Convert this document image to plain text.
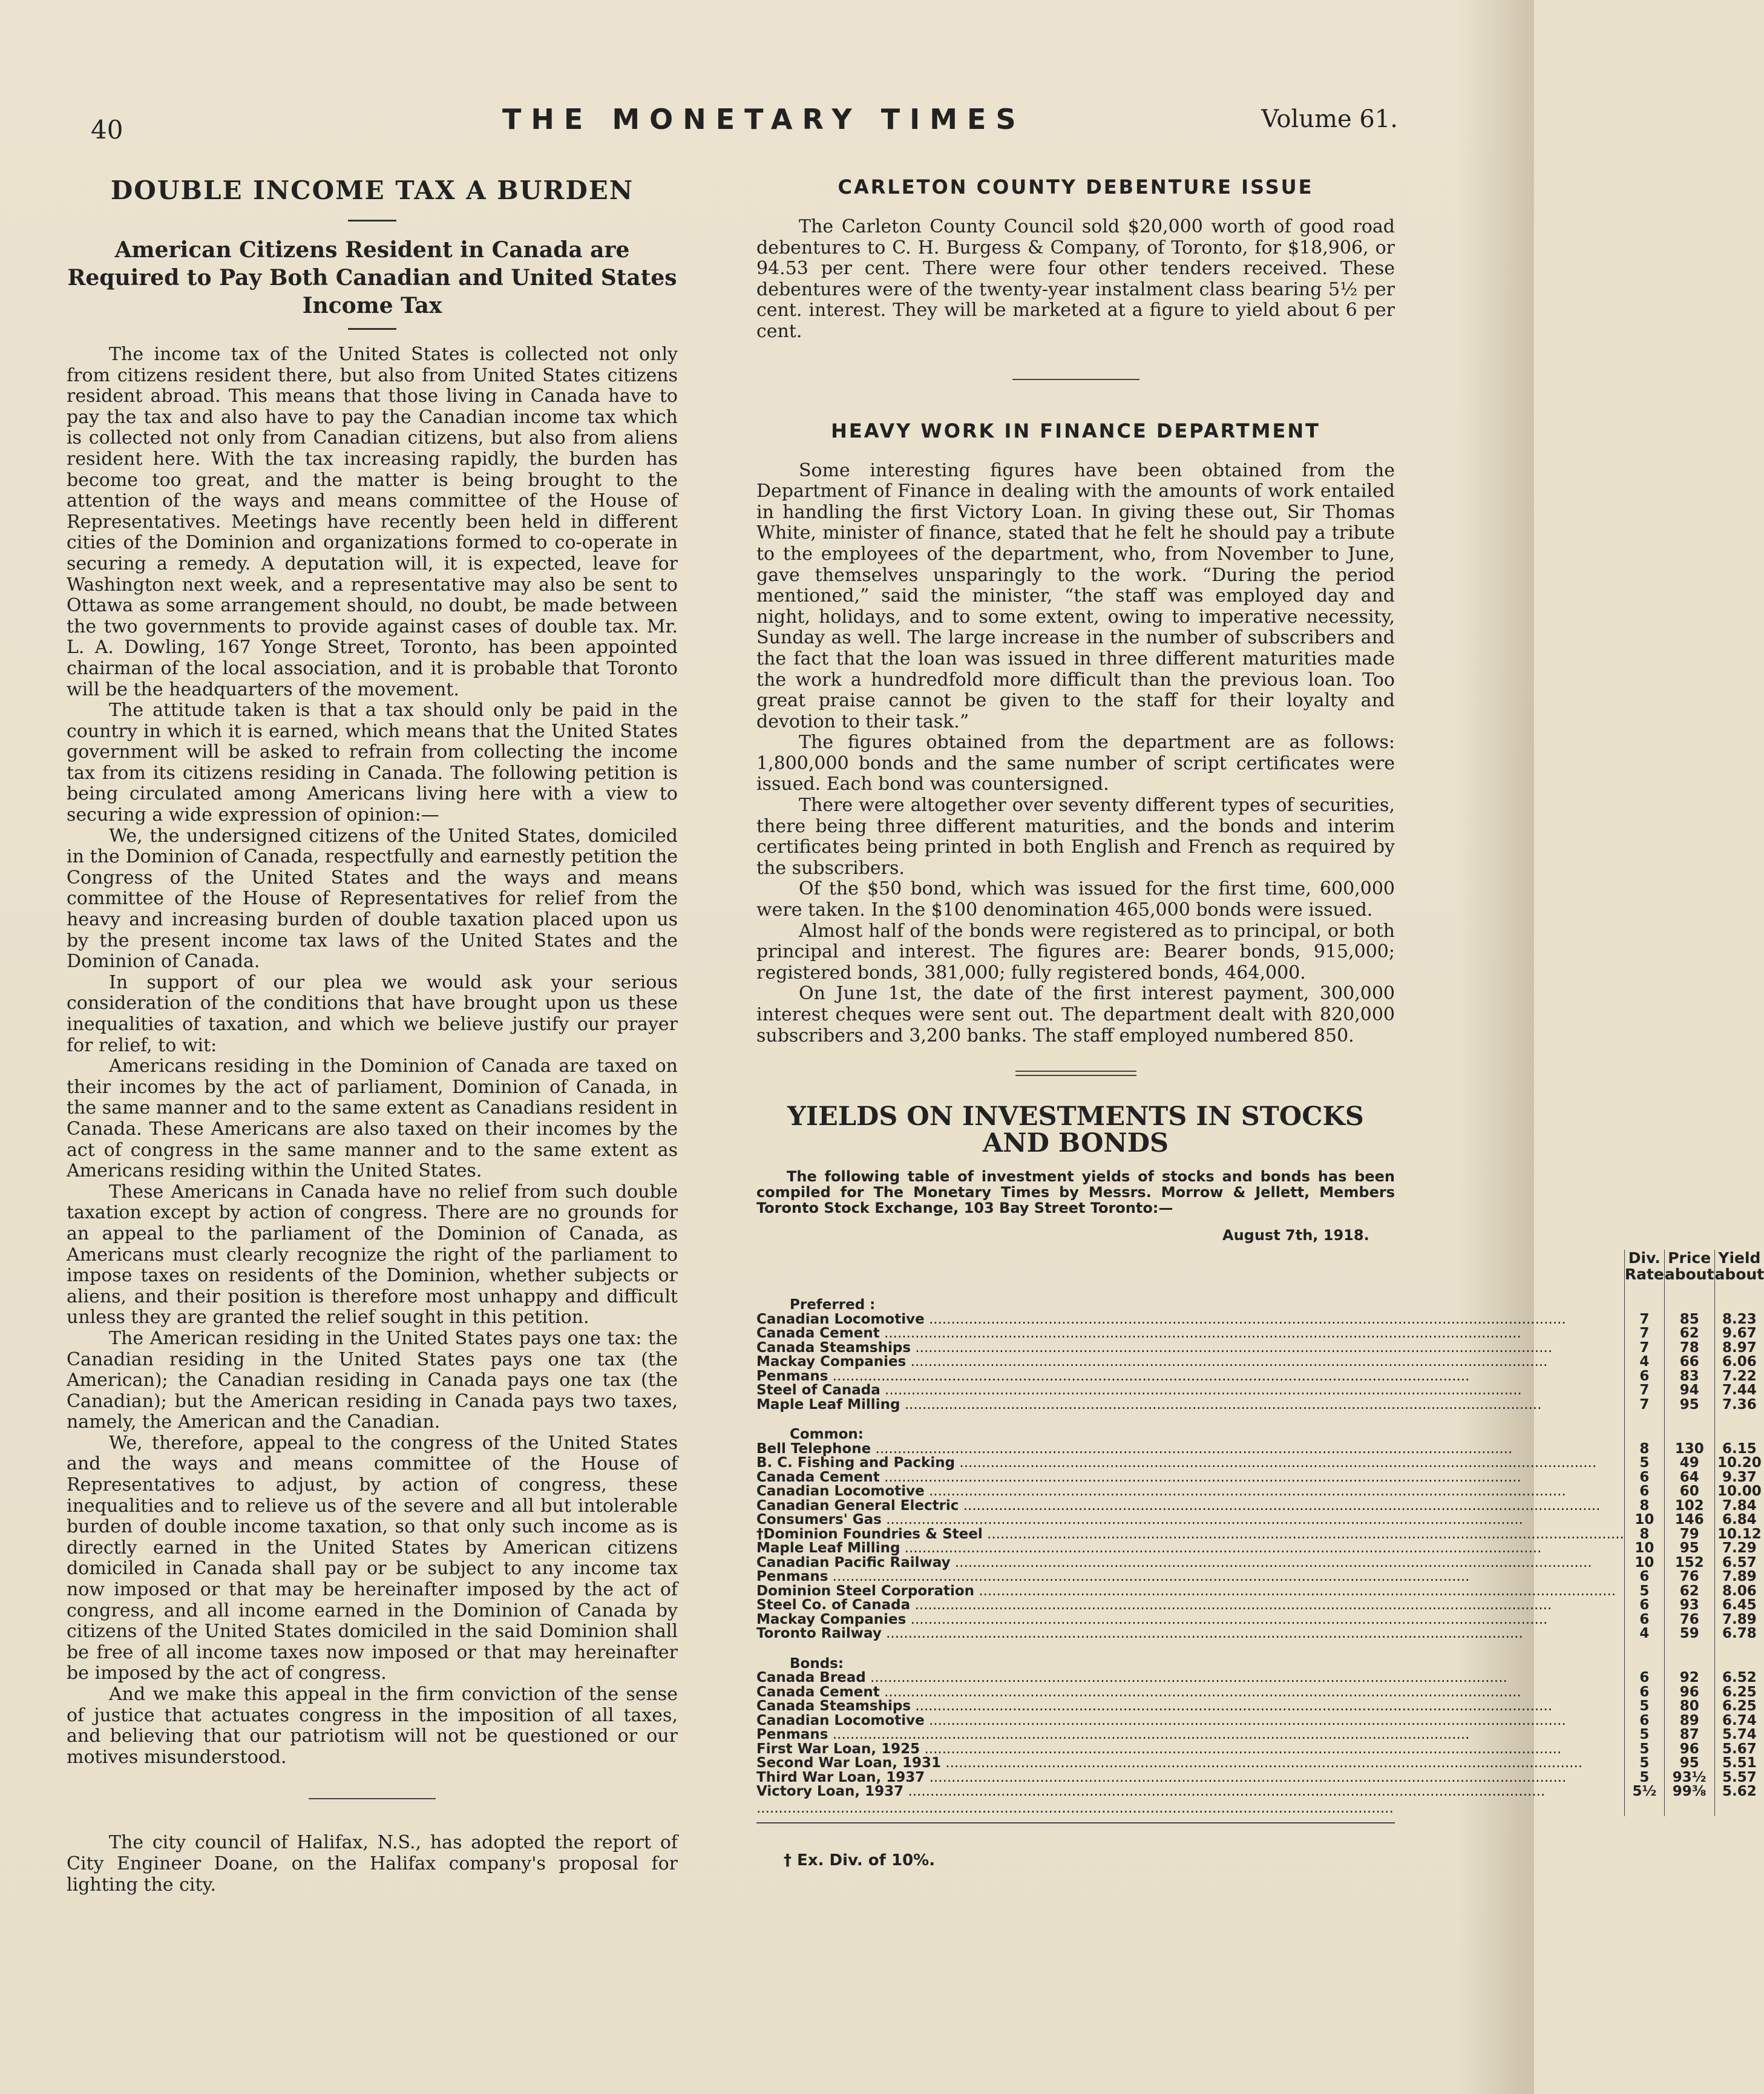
40	THE MONETARY TIMES	Volume 61.
DOUBLE INCOME TAX A BURDEN
American Citizens Resident in Canada are Required to Pay Both Canadian and United States Income Tax

The income tax of the United States is collected not only from citizens resident there, but also from United States citizens resident abroad. This means that those living in Canada have to pay the tax and also have to pay the Canadian income tax which is collected not only from Canadian citizens, but also from aliens resident here. With the tax increasing rapidly, the burden has become too great, and the matter is being brought to the attention of the ways and means committee of the House of Representatives. Meetings have recently been held in different cities of the Dominion and organizations formed to co-operate in securing a remedy. A deputation will, it is expected, leave for Washington next week, and a representative may also be sent to Ottawa as some arrangement should, no doubt, be made between the two governments to provide against cases of double tax. Mr. L. A. Dowling, 167 Yonge Street, Toronto, has been appointed chairman of the local association, and it is probable that Toronto will be the headquarters of the movement.

The attitude taken is that a tax should only be paid in the country in which it is earned, which means that the United States government will be asked to refrain from collecting the income tax from its citizens residing in Canada. The following petition is being circulated among Americans living here with a view to securing a wide expression of opinion:—

We, the undersigned citizens of the United States, domiciled in the Dominion of Canada, respectfully and earnestly petition the Congress of the United States and the ways and means committee of the House of Representatives for relief from the heavy and increasing burden of double taxation placed upon us by the present income tax laws of the United States and the Dominion of Canada.

In support of our plea we would ask your serious consideration of the conditions that have brought upon us these inequalities of taxation, and which we believe justify our prayer for relief, to wit:

Americans residing in the Dominion of Canada are taxed on their incomes by the act of parliament, Dominion of Canada, in the same manner and to the same extent as Canadians resident in Canada. These Americans are also taxed on their incomes by the act of congress in the same manner and to the same extent as Americans residing within the United States.

These Americans in Canada have no relief from such double taxation except by action of congress. There are no grounds for an appeal to the parliament of the Dominion of Canada, as Americans must clearly recognize the right of the parliament to impose taxes on residents of the Dominion, whether subjects or aliens, and their position is therefore most unhappy and difficult unless they are granted the relief sought in this petition.

The American residing in the United States pays one tax: the Canadian residing in the United States pays one tax (the American); the Canadian residing in Canada pays one tax (the Canadian); but the American residing in Canada pays two taxes, namely, the American and the Canadian.

We, therefore, appeal to the congress of the United States and the ways and means committee of the House of Representatives to adjust, by action of congress, these inequalities and to relieve us of the severe and all but intolerable burden of double income taxation, so that only such income as is directly earned in the United States by American citizens domiciled in Canada shall pay or be subject to any income tax now imposed or that may be hereinafter imposed by the act of congress, and all income earned in the Dominion of Canada by citizens of the United States domiciled in the said Dominion shall be free of all income taxes now imposed or that may hereinafter be imposed by the act of congress.

And we make this appeal in the firm conviction of the sense of justice that actuates congress in the imposition of all taxes, and believing that our patriotism will not be questioned or our motives misunderstood.

The city council of Halifax, N.S., has adopted the report of City Engineer Doane, on the Halifax company's proposal for lighting the city.

CARLETON COUNTY DEBENTURE ISSUE

The Carleton County Council sold $20,000 worth of good road debentures to C. H. Burgess & Company, of Toronto, for $18,906, or 94.53 per cent. There were four other tenders received. These debentures were of the twenty-year instalment class bearing 5½ per cent. interest. They will be marketed at a figure to yield about 6 per cent.

HEAVY WORK IN FINANCE DEPARTMENT

Some interesting figures have been obtained from the Department of Finance in dealing with the amounts of work entailed in handling the first Victory Loan. In giving these out, Sir Thomas White, minister of finance, stated that he felt he should pay a tribute to the employees of the department, who, from November to June, gave themselves unsparingly to the work. “During the period mentioned,” said the minister, “the staff was employed day and night, holidays, and to some extent, owing to imperative necessity, Sunday as well. The large increase in the number of subscribers and the fact that the loan was issued in three different maturities made the work a hundredfold more difficult than the previous loan. Too great praise cannot be given to the staff for their loyalty and devotion to their task.”

The figures obtained from the department are as follows: 1,800,000 bonds and the same number of script certificates were issued. Each bond was countersigned.

There were altogether over seventy different types of securities, there being three different maturities, and the bonds and interim certificates being printed in both English and French as required by the subscribers.

Of the $50 bond, which was issued for the first time, 600,000 were taken. In the $100 denomination 465,000 bonds were issued.

Almost half of the bonds were registered as to principal, or both principal and interest. The figures are: Bearer bonds, 915,000; registered bonds, 381,000; fully registered bonds, 464,000.

On June 1st, the date of the first interest payment, 300,000 interest cheques were sent out. The department dealt with 820,000 subscribers and 3,200 banks. The staff employed numbered 850.

YIELDS ON INVESTMENTS IN STOCKS AND BONDS

The following table of investment yields of stocks and bonds has been compiled for The Monetary Times by Messrs. Morrow & Jellett, Members Toronto Stock Exchange, 103 Bay Street Toronto:—

August 7th, 1918.
	Div. Rate	Price about	Yield about
Preferred :			
Canadian Locomotive .....	7	85	8.23
Canada Cement .....	7	62	9.67
Canada Steamships .....	7	78	8.97
Mackay Companies .....	4	66	6.06
Penmans .....	6	83	7.22
Steel of Canada .....	7	94	7.44
Maple Leaf Milling .....	7	95	7.36
Common:			
Bell Telephone .....	8	130	6.15
B. C. Fishing and Packing .....	5	49	10.20
Canada Cement .....	6	64	9.37
Canadian Locomotive .....	6	60	10.00
Canadian General Electric .....	8	102	7.84
Consumers' Gas .....	10	146	6.84
†Dominion Foundries & Steel .....	8	79	10.12
Maple Leaf Milling .....	10	95	7.29
Canadian Pacific Railway .....	10	152	6.57
Penmans .....	6	76	7.89
Dominion Steel Corporation .....	5	62	8.06
Steel Co. of Canada .....	6	93	6.45
Mackay Companies .....	6	76	7.89
Toronto Railway .....	4	59	6.78
Bonds:			
Canada Bread .....	6	92	6.52
Canada Cement .....	6	96	6.25
Canada Steamships .....	5	80	6.25
Canadian Locomotive .....	6	89	6.74
Penmans .....	5	87	5.74
First War Loan, 1925 .....	5	96	5.67
Second War Loan, 1931 .....	5	95	5.51
Third War Loan, 1937 .....	5	93½	5.57
Victory Loan, 1937 .....	5½	99⅜	5.62
.....			
† Ex. Div. of 10%.
